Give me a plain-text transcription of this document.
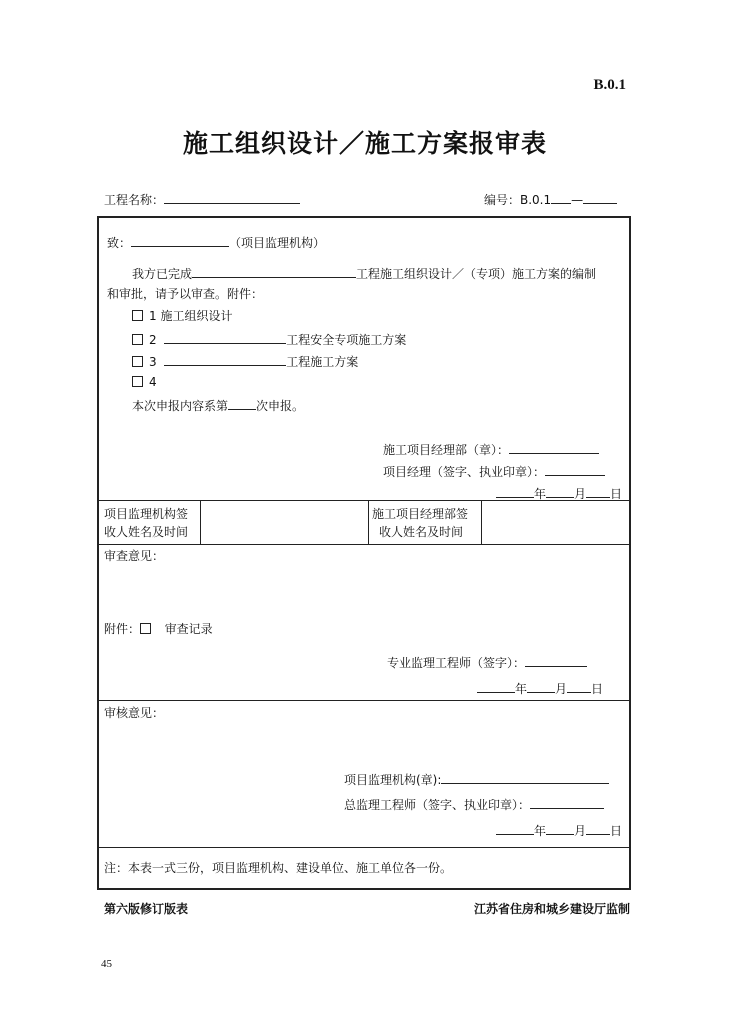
B.0.1
施工组织设计／施工方案报审表
工程名称：	编号：B.0.1 —
致：	（项目监理机构）
我方已完成	工程施工组织设计／（专项）施工方案的编制
和审批，请予以审查。附件：
1 施工组织设计
2	工程安全专项施工方案
3	工程施工方案
4
本次申报内容系第 次申报。
施工项目经理部（章）：
项目经理（签字、执业印章）：
年 月 日
项目监理机构签
收人姓名及时间
施工项目经理部签
收人姓名及时间
审查意见：
附件： 审查记录
专业监理工程师（签字）：
年 月 日
审核意见：
项目监理机构(章):
总监理工程师（签字、执业印章）：
年 月 日
注：本表一式三份，项目监理机构、建设单位、施工单位各一份。
第六版修订版表	江苏省住房和城乡建设厅监制
45
